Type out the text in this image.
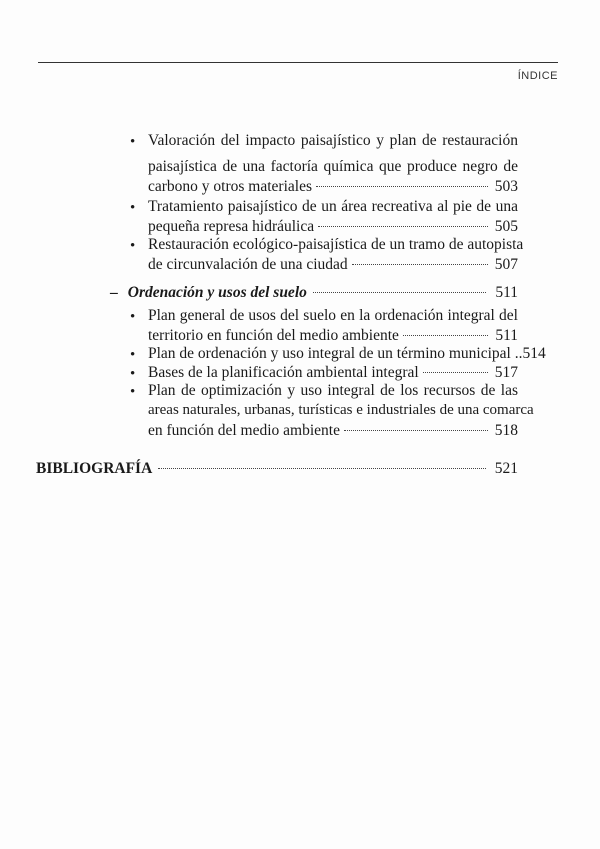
ÍNDICE
• Valoración del impacto paisajístico y plan de restauración
paisajística de una factoría química que produce negro de
carbono y otros materiales	503
• Tratamiento paisajístico de un área recreativa al pie de una
pequeña represa hidráulica	505
• Restauración ecológico-paisajística de un tramo de autopista
de circunvalación de una ciudad	507
– Ordenación y usos del suelo	511
• Plan general de usos del suelo en la ordenación integral del
territorio en función del medio ambiente	511
• Plan de ordenación y uso integral de un término municipal .. 514
• Bases de la planificación ambiental integral	517
• Plan de optimización y uso integral de los recursos de las
areas naturales, urbanas, turísticas e industriales de una comarca
en función del medio ambiente	518
BIBLIOGRAFÍA	521
